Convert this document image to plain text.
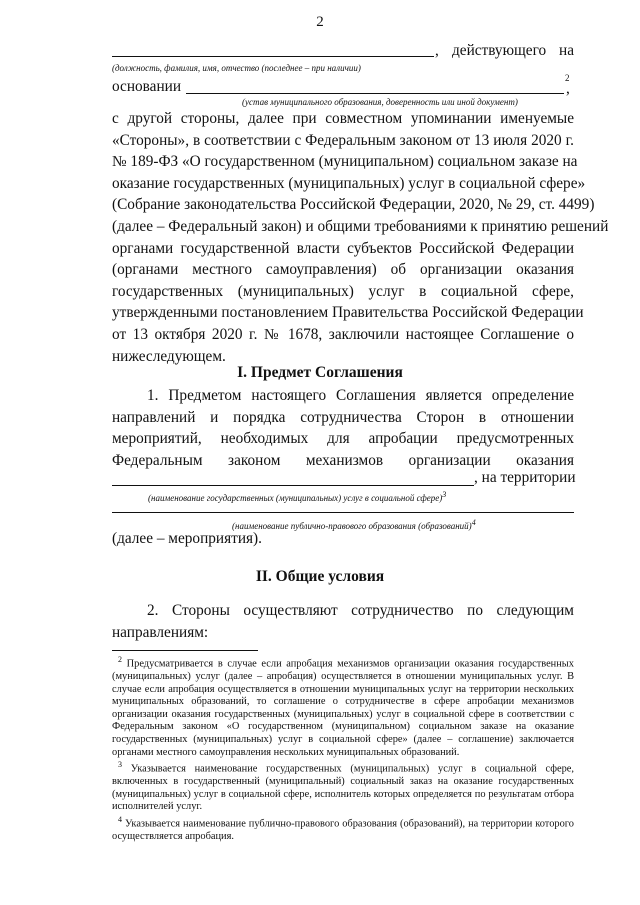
2
, действующего на
(должность, фамилия, имя, отчество (последнее – при наличии)
основании	2
,
(устав муниципального образования, доверенность или иной документ)
с другой стороны, далее при совместном упоминании именуемые
«Стороны», в соответствии с Федеральным законом от 13 июля 2020 г.
№ 189-ФЗ «О государственном (муниципальном) социальном заказе на
оказание государственных (муниципальных) услуг в социальной сфере»
(Собрание законодательства Российской Федерации, 2020, № 29, ст. 4499)
(далее – Федеральный закон) и общими требованиями к принятию решений
органами государственной власти субъектов Российской Федерации
(органами местного самоуправления) об организации оказания
государственных (муниципальных) услуг в социальной сфере,
утвержденными постановлением Правительства Российской Федерации
от 13 октября 2020 г. № 1678, заключили настоящее Соглашение о
нижеследующем.
I. Предмет Соглашения
1. Предметом настоящего Соглашения является определение
направлений и порядка сотрудничества Сторон в отношении
мероприятий, необходимых для апробации предусмотренных
Федеральным законом механизмов организации оказания
, на территории
(наименование государственных (муниципальных) услуг в социальной сфере)$^3$
(наименование публично-правового образования (образований)$^4$
(далее – мероприятия).
II. Общие условия
2. Стороны осуществляют сотрудничество по следующим
направлениям:

$^2$ Предусматривается в случае если апробация механизмов организации оказания государственных (муниципальных) услуг (далее – апробация) осуществляется в отношении муниципальных услуг. В случае если апробация осуществляется в отношении муниципальных услуг на территории нескольких муниципальных образований, то соглашение о сотрудничестве в сфере апробации механизмов организации оказания государственных (муниципальных) услуг в социальной сфере в соответствии с Федеральным законом «О государственном (муниципальном) социальном заказе на оказание государственных (муниципальных) услуг в социальной сфере» (далее – соглашение) заключается органами местного самоуправления нескольких муниципальных образований.

$^3$ Указывается наименование государственных (муниципальных) услуг в социальной сфере, включенных в государственный (муниципальный) социальный заказ на оказание государственных (муниципальных) услуг в социальной сфере, исполнитель которых определяется по результатам отбора исполнителей услуг.

$^4$ Указывается наименование публично-правового образования (образований), на территории которого осуществляется апробация.
